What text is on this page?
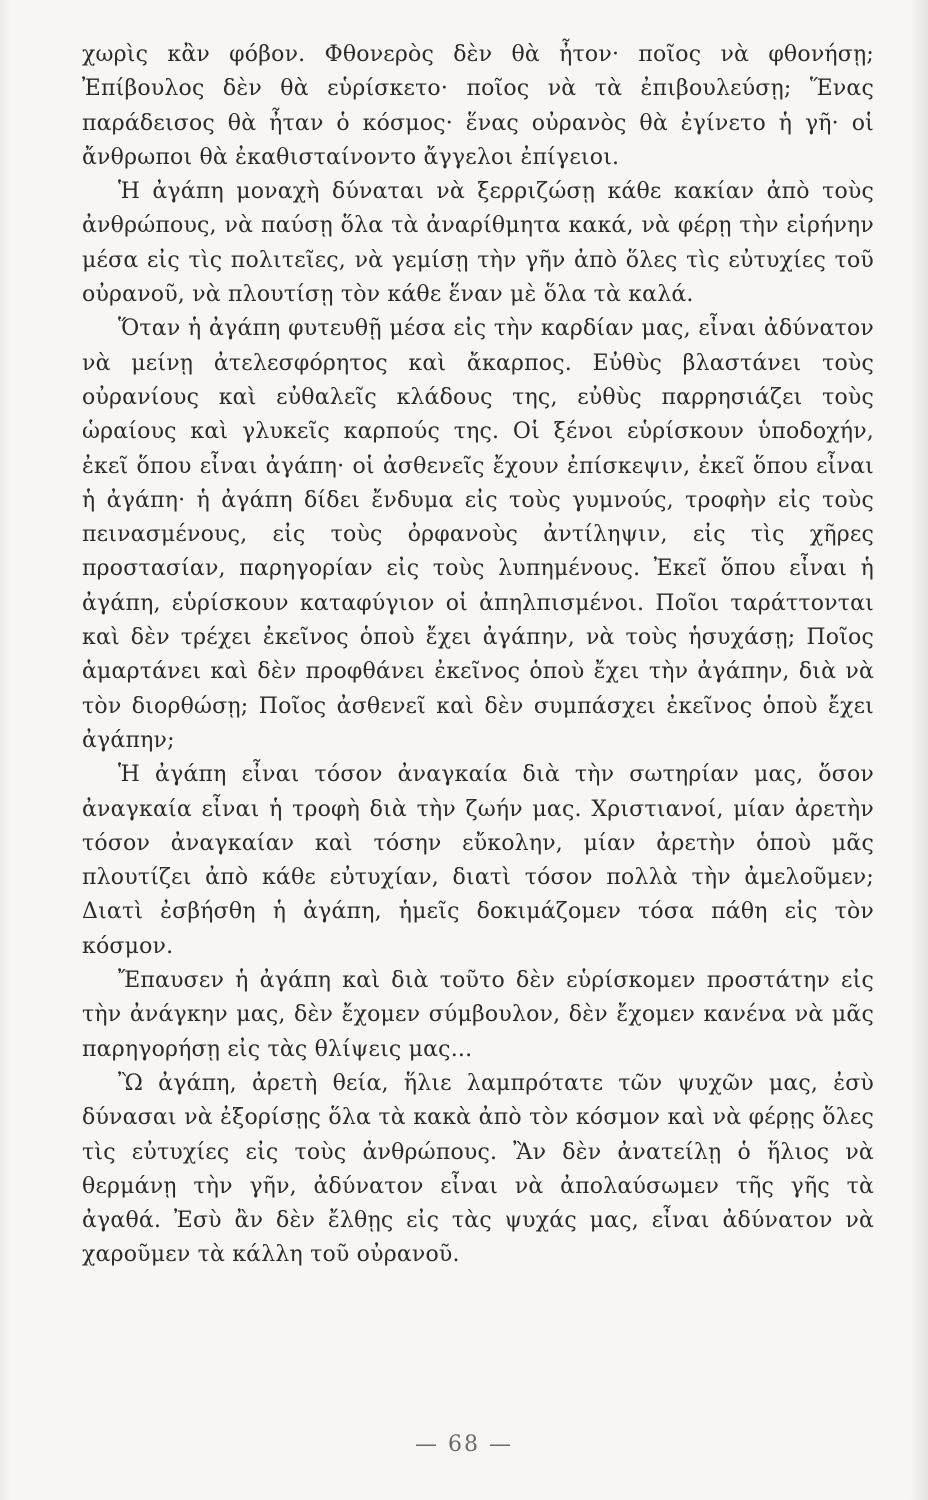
χωρὶς κἂν φόβον. Φθονερὸς δὲν θὰ ἦτον· ποῖος νὰ φθονήσῃ; Ἐπίβουλος δὲν θὰ εὑρίσκετο· ποῖος νὰ τὰ ἐπιβουλεύσῃ; Ἕνας παράδεισος θὰ ἦταν ὁ κόσμος· ἕνας οὐρανὸς θὰ ἐγίνετο ἡ γῆ· οἱ ἄνθρωποι θὰ ἐκαθισταίνοντο ἄγγελοι ἐπίγειοι.

Ἡ ἀγάπη μοναχὴ δύναται νὰ ξερριζώσῃ κάθε κακίαν ἀπὸ τοὺς ἀνθρώπους, νὰ παύσῃ ὅλα τὰ ἀναρίθμητα κακά, νὰ φέρῃ τὴν εἰρήνην μέσα εἰς τὶς πολιτεῖες, νὰ γεμίσῃ τὴν γῆν ἀπὸ ὅλες τὶς εὐτυχίες τοῦ οὐρανοῦ, νὰ πλουτίσῃ τὸν κάθε ἕναν μὲ ὅλα τὰ καλά.

Ὅταν ἡ ἀγάπη φυτευθῇ μέσα εἰς τὴν καρδίαν μας, εἶναι ἀδύνατον νὰ μείνῃ ἀτελεσφόρητος καὶ ἄκαρπος. Εὐθὺς βλαστάνει τοὺς οὐρανίους καὶ εὐθαλεῖς κλάδους της, εὐθὺς παρρησιάζει τοὺς ὡραίους καὶ γλυκεῖς καρπούς της. Οἱ ξένοι εὑρίσκουν ὑποδοχήν, ἐκεῖ ὅπου εἶναι ἀγάπη· οἱ ἀσθενεῖς ἔχουν ἐπίσκεψιν, ἐκεῖ ὅπου εἶναι ἡ ἀγάπη· ἡ ἀγάπη δίδει ἔνδυμα εἰς τοὺς γυμνούς, τροφὴν εἰς τοὺς πεινασμένους, εἰς τοὺς ὀρφανοὺς ἀντίληψιν, εἰς τὶς χῆρες προστασίαν, παρηγορίαν εἰς τοὺς λυπημένους. Ἐκεῖ ὅπου εἶναι ἡ ἀγάπη, εὑρίσκουν καταφύγιον οἱ ἀπηλπισμένοι. Ποῖοι ταράττονται καὶ δὲν τρέχει ἐκεῖνος ὁποὺ ἔχει ἀγάπην, νὰ τοὺς ἡσυχάσῃ; Ποῖος ἁμαρτάνει καὶ δὲν προφθάνει ἐκεῖνος ὁποὺ ἔχει τὴν ἀγάπην, διὰ νὰ τὸν διορθώσῃ; Ποῖος ἀσθενεῖ καὶ δὲν συμπάσχει ἐκεῖνος ὁποὺ ἔχει ἀγάπην;

Ἡ ἀγάπη εἶναι τόσον ἀναγκαία διὰ τὴν σωτηρίαν μας, ὅσον ἀναγκαία εἶναι ἡ τροφὴ διὰ τὴν ζωήν μας. Χριστιανοί, μίαν ἀρετὴν τόσον ἀναγκαίαν καὶ τόσην εὔκολην, μίαν ἀρετὴν ὁποὺ μᾶς πλουτίζει ἀπὸ κάθε εὐτυχίαν, διατὶ τόσον πολλὰ τὴν ἀμελοῦμεν; Διατὶ ἐσβήσθη ἡ ἀγάπη, ἡμεῖς δοκιμάζομεν τόσα πάθη εἰς τὸν κόσμον.

Ἔπαυσεν ἡ ἀγάπη καὶ διὰ τοῦτο δὲν εὑρίσκομεν προστάτην εἰς τὴν ἀνάγκην μας, δὲν ἔχομεν σύμβουλον, δὲν ἔχομεν κανένα νὰ μᾶς παρηγορήσῃ εἰς τὰς θλίψεις μας...

Ὢ ἀγάπη, ἀρετὴ θεία, ἥλιε λαμπρότατε τῶν ψυχῶν μας, ἐσὺ δύνασαι νὰ ἐξορίσῃς ὅλα τὰ κακὰ ἀπὸ τὸν κόσμον καὶ νὰ φέρῃς ὅλες τὶς εὐτυχίες εἰς τοὺς ἀνθρώπους. Ἂν δὲν ἀνατείλῃ ὁ ἥλιος νὰ θερμάνῃ τὴν γῆν, ἀδύνατον εἶναι νὰ ἀπολαύσωμεν τῆς γῆς τὰ ἀγαθά. Ἐσὺ ἂν δὲν ἔλθῃς εἰς τὰς ψυχάς μας, εἶναι ἀδύνατον νὰ χαροῦμεν τὰ κάλλη τοῦ οὐρανοῦ.

— 68 —
